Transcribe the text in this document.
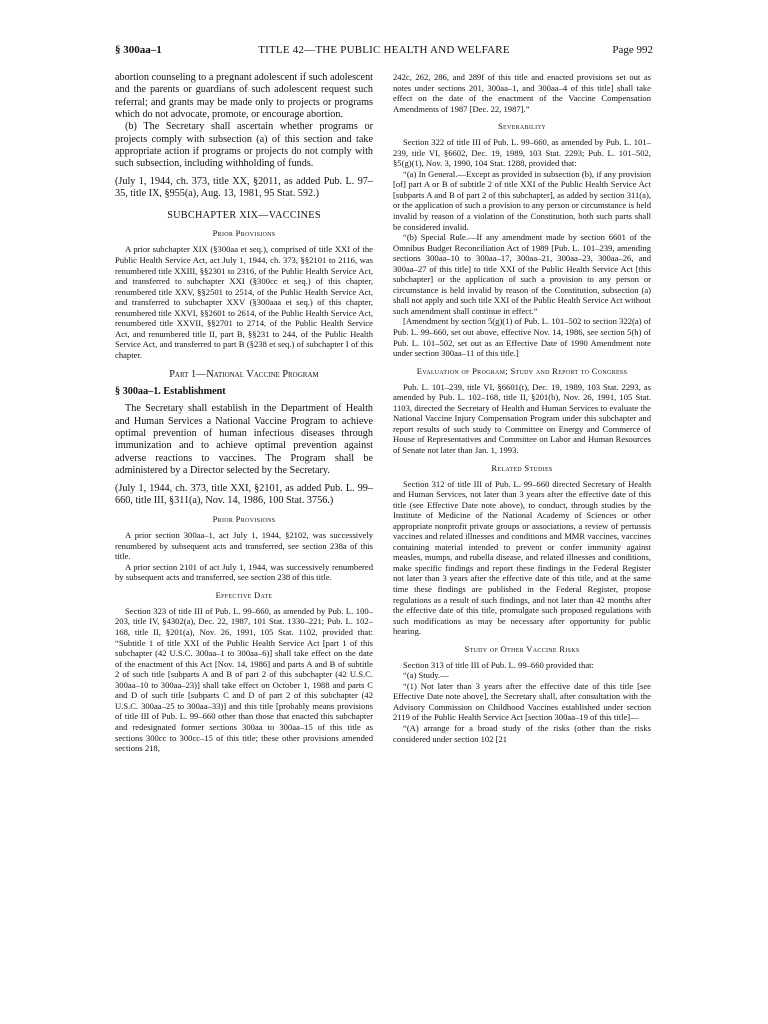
§ 300aa–1	TITLE 42—THE PUBLIC HEALTH AND WELFARE	Page 992

abortion counseling to a pregnant adolescent if such adolescent and the parents or guardians of such adolescent request such referral; and grants may be made only to projects or programs which do not advocate, promote, or encourage abortion.

(b) The Secretary shall ascertain whether programs or projects comply with subsection (a) of this section and take appropriate action if programs or projects do not comply with such subsection, including withholding of funds.

(July 1, 1944, ch. 373, title XX, §2011, as added Pub. L. 97–35, title IX, §955(a), Aug. 13, 1981, 95 Stat. 592.)

SUBCHAPTER XIX—VACCINES
Prior Provisions

A prior subchapter XIX (§300aa et seq.), comprised of title XXI of the Public Health Service Act, act July 1, 1944, ch. 373, §§2101 to 2116, was renumbered title XXIII, §§2301 to 2316, of the Public Health Service Act, and transferred to subchapter XXI (§300cc et seq.) of this chapter, renumbered title XXV, §§2501 to 2514, of the Public Health Service Act, and transferred to subchapter XXV (§300aaa et seq.) of this chapter, renumbered title XXVI, §§2601 to 2614, of the Public Health Service Act, renumbered title XXVII, §§2701 to 2714, of the Public Health Service Act, and renumbered title II, part B, §§231 to 244, of the Public Health Service Act, and transferred to part B (§238 et seq.) of subchapter I of this chapter.

Part 1—National Vaccine Program
§ 300aa–1. Establishment

The Secretary shall establish in the Department of Health and Human Services a National Vaccine Program to achieve optimal prevention of human infectious diseases through immunization and to achieve optimal prevention against adverse reactions to vaccines. The Program shall be administered by a Director selected by the Secretary.

(July 1, 1944, ch. 373, title XXI, §2101, as added Pub. L. 99–660, title III, §311(a), Nov. 14, 1986, 100 Stat. 3756.)

Prior Provisions

A prior section 300aa–1, act July 1, 1944, §2102, was successively renumbered by subsequent acts and transferred, see section 238a of this title.

A prior section 2101 of act July 1, 1944, was successively renumbered by subsequent acts and transferred, see section 238 of this title.

Effective Date

Section 323 of title III of Pub. L. 99–660, as amended by Pub. L. 100–203, title IV, §4302(a), Dec. 22, 1987, 101 Stat. 1330–221; Pub. L. 102–168, title II, §201(a), Nov. 26, 1991, 105 Stat. 1102, provided that: “Subtitle 1 of title XXI of the Public Health Service Act [part 1 of this subchapter (42 U.S.C. 300aa–1 to 300aa–6)] shall take effect on the date of the enactment of this Act [Nov. 14, 1986] and parts A and B of subtitle 2 of such title [subparts A and B of part 2 of this subchapter (42 U.S.C. 300aa–10 to 300aa–23)] shall take effect on October 1, 1988 and parts C and D of such title [subparts C and D of part 2 of this subchapter (42 U.S.C. 300aa–25 to 300aa–33)] and this title [probably means provisions of title III of Pub. L. 99–660 other than those that enacted this subchapter and redesignated former sections 300aa to 300aa–15 of this title as sections 300cc to 300cc–15 of this title; these other provisions amended sections 218,

242c, 262, 286, and 289f of this title and enacted provisions set out as notes under sections 201, 300aa–1, and 300aa–4 of this title] shall take effect on the date of the enactment of the Vaccine Compensation Amendments of 1987 [Dec. 22, 1987].”

Severability

Section 322 of title III of Pub. L. 99–660, as amended by Pub. L. 101–239, title VI, §6602, Dec. 19, 1989, 103 Stat. 2293; Pub. L. 101–502, §5(g)(1), Nov. 3, 1990, 104 Stat. 1288, provided that:

“(a) In General.—Except as provided in subsection (b), if any provision [of] part A or B of subtitle 2 of title XXI of the Public Health Service Act [subparts A and B of part 2 of this subchapter], as added by section 311(a), or the application of such a provision to any person or circumstance is held invalid by reason of a violation of the Constitution, both such parts shall be considered invalid.

“(b) Special Rule.—If any amendment made by section 6601 of the Omnibus Budget Reconciliation Act of 1989 [Pub. L. 101–239, amending sections 300aa–10 to 300aa–17, 300aa–21, 300aa–23, 300aa–26, and 300aa–27 of this title] to title XXI of the Public Health Service Act [this subchapter] or the application of such a provision to any person or circumstance is held invalid by reason of the Constitution, subsection (a) shall not apply and such title XXI of the Public Health Service Act without such amendment shall continue in effect.”

[Amendment by section 5(g)(1) of Pub. L. 101–502 to section 322(a) of Pub. L. 99–660, set out above, effective Nov. 14, 1986, see section 5(h) of Pub. L. 101–502, set out as an Effective Date of 1990 Amendment note under section 300aa–11 of this title.]

Evaluation of Program; Study and Report to Congress

Pub. L. 101–239, title VI, §6601(t), Dec. 19, 1989, 103 Stat. 2293, as amended by Pub. L. 102–168, title II, §201(b), Nov. 26, 1991, 105 Stat. 1103, directed the Secretary of Health and Human Services to evaluate the National Vaccine Injury Compensation Program under this subchapter and report results of such study to Committee on Energy and Commerce of House of Representatives and Committee on Labor and Human Resources of Senate not later than Jan. 1, 1993.

Related Studies

Section 312 of title III of Pub. L. 99–660 directed Secretary of Health and Human Services, not later than 3 years after the effective date of this title (see Effective Date note above), to conduct, through studies by the Institute of Medicine of the National Academy of Sciences or other appropriate nonprofit private groups or associations, a review of pertussis vaccines and related illnesses and conditions and MMR vaccines, vaccines containing material intended to prevent or confer immunity against measles, mumps, and rubella disease, and related illnesses and conditions, make specific findings and report these findings in the Federal Register not later than 3 years after the effective date of this title, and at the same time these findings are published in the Federal Register, propose regulations as a result of such findings, and not later than 42 months after the effective date of this title, promulgate such proposed regulations with such modifications as may be necessary after opportunity for public hearing.

Study of Other Vaccine Risks

Section 313 of title III of Pub. L. 99–660 provided that:

“(a) Study.—

“(1) Not later than 3 years after the effective date of this title [see Effective Date note above], the Secretary shall, after consultation with the Advisory Commission on Childhood Vaccines established under section 2119 of the Public Health Service Act [section 300aa–19 of this title]—

“(A) arrange for a broad study of the risks (other than the risks considered under section 102 [21
